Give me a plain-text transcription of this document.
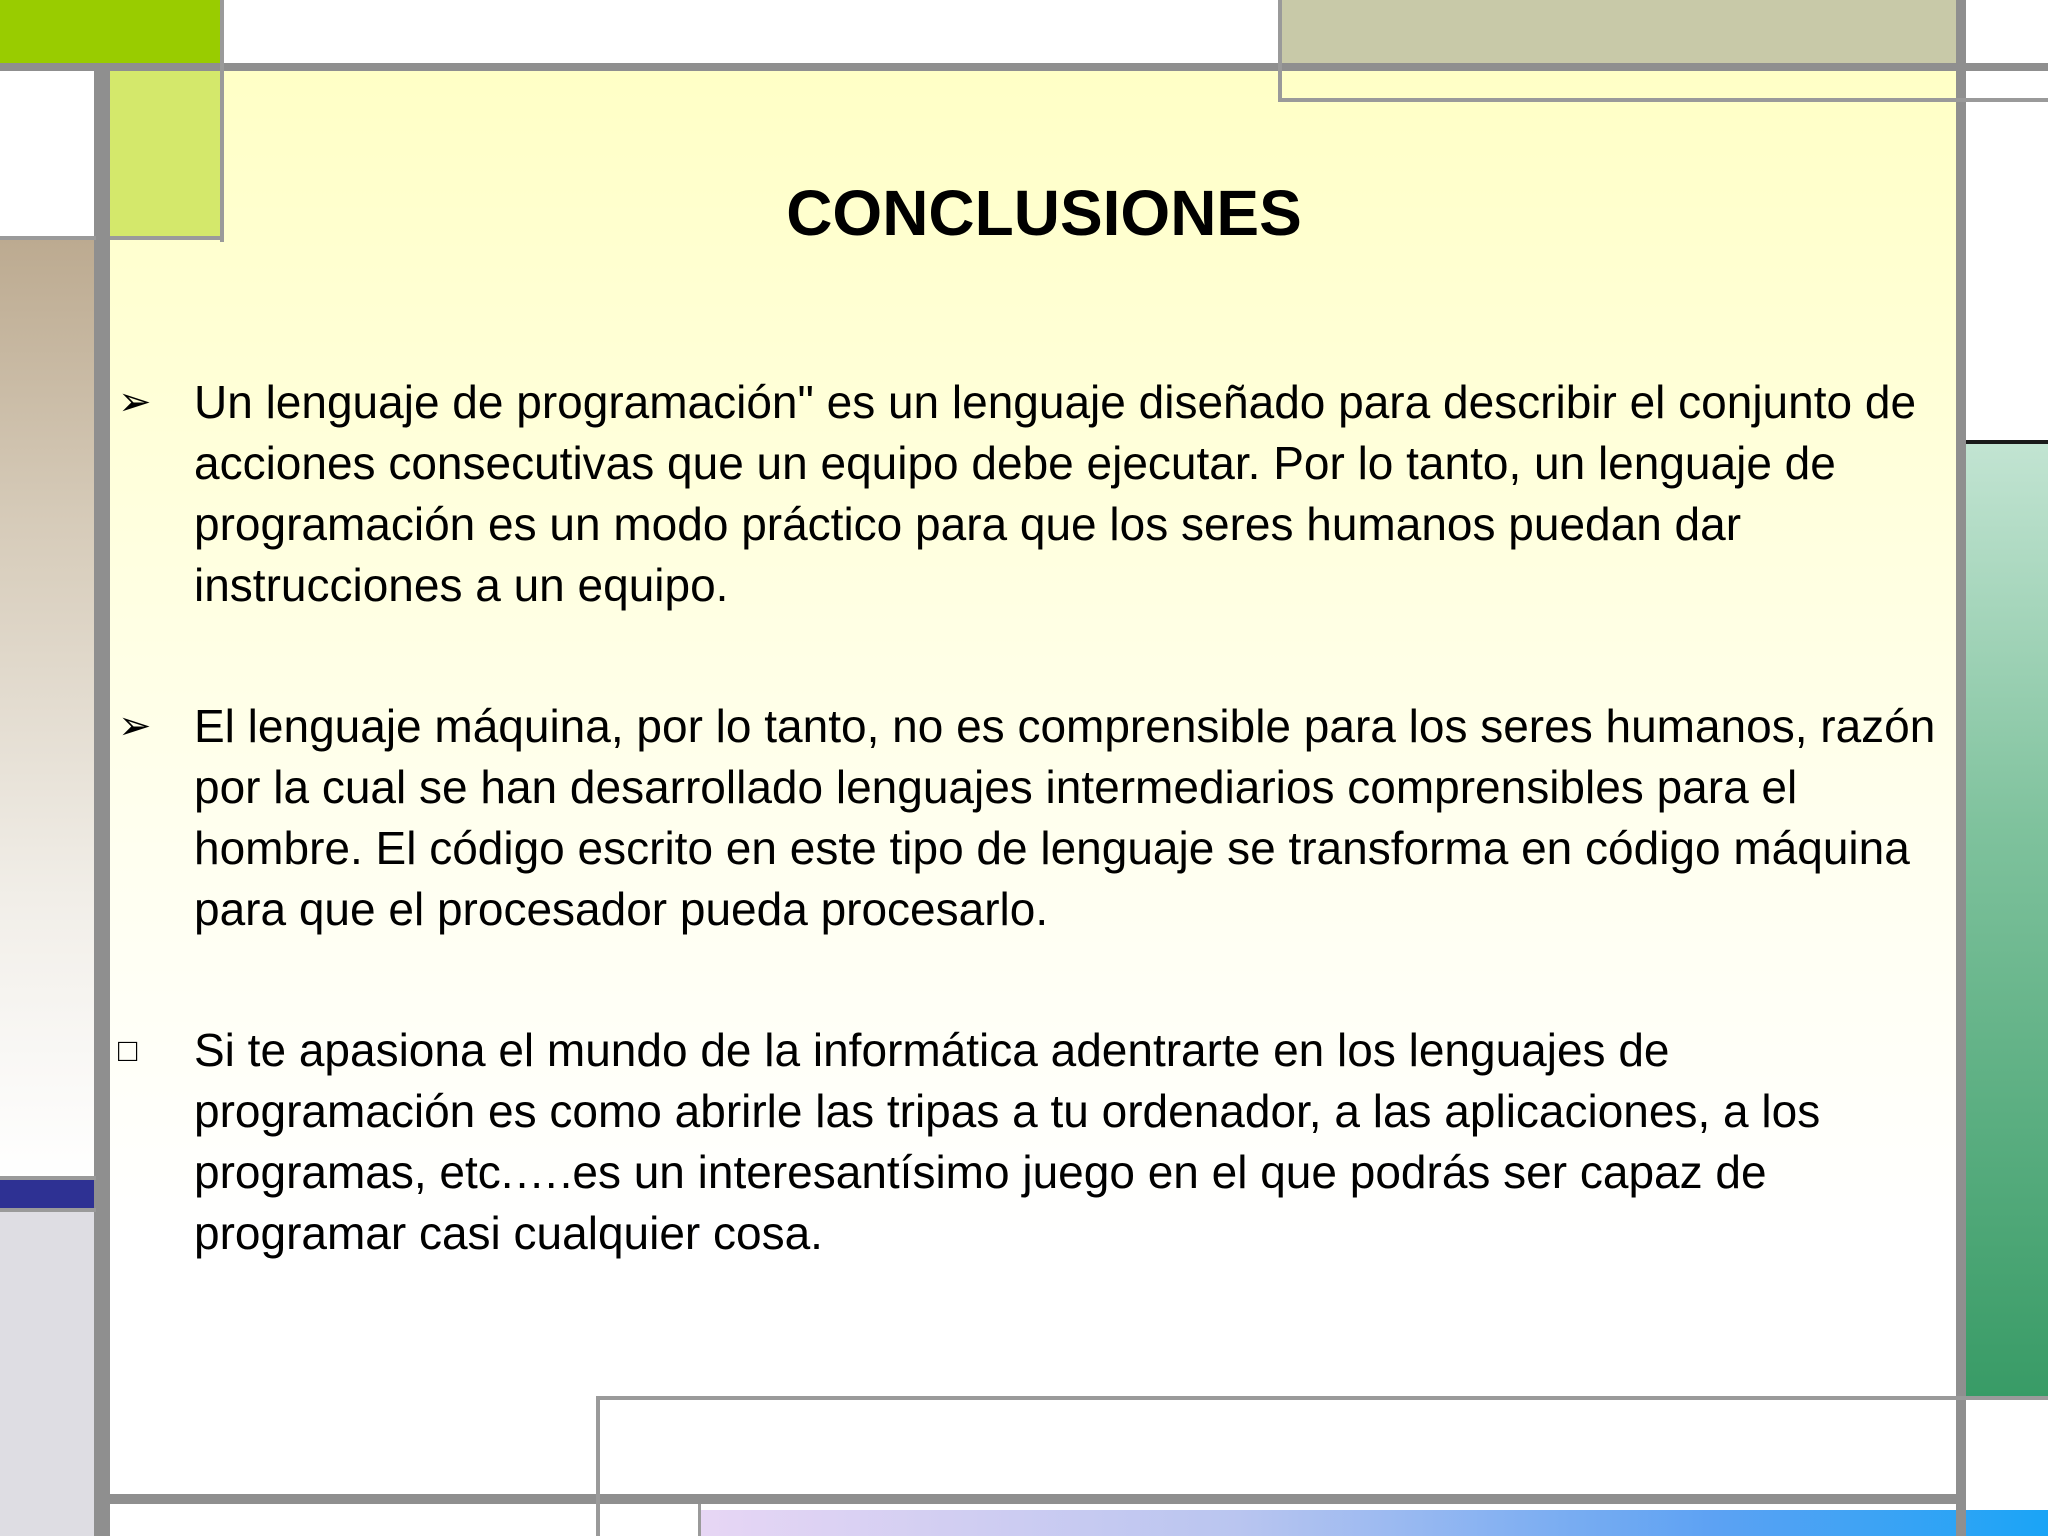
CONCLUSIONES
➢ Un lenguaje de programación" es un lenguaje diseñado para describir el conjunto de acciones consecutivas que un equipo debe ejecutar. Por lo tanto, un lenguaje de programación es un modo práctico para que los seres humanos puedan dar instrucciones a un equipo.
➢ El lenguaje máquina, por lo tanto, no es comprensible para los seres humanos, razón por la cual se han desarrollado lenguajes intermediarios comprensibles para el hombre. El código escrito en este tipo de lenguaje se transforma en código máquina para que el procesador pueda procesarlo.
□	Si te apasiona el mundo de la informática adentrarte en los lenguajes de programación es como abrirle las tripas a tu ordenador, a las aplicaciones, a los programas, etc.….es un interesantísimo juego en el que podrás ser capaz de programar casi cualquier cosa.
